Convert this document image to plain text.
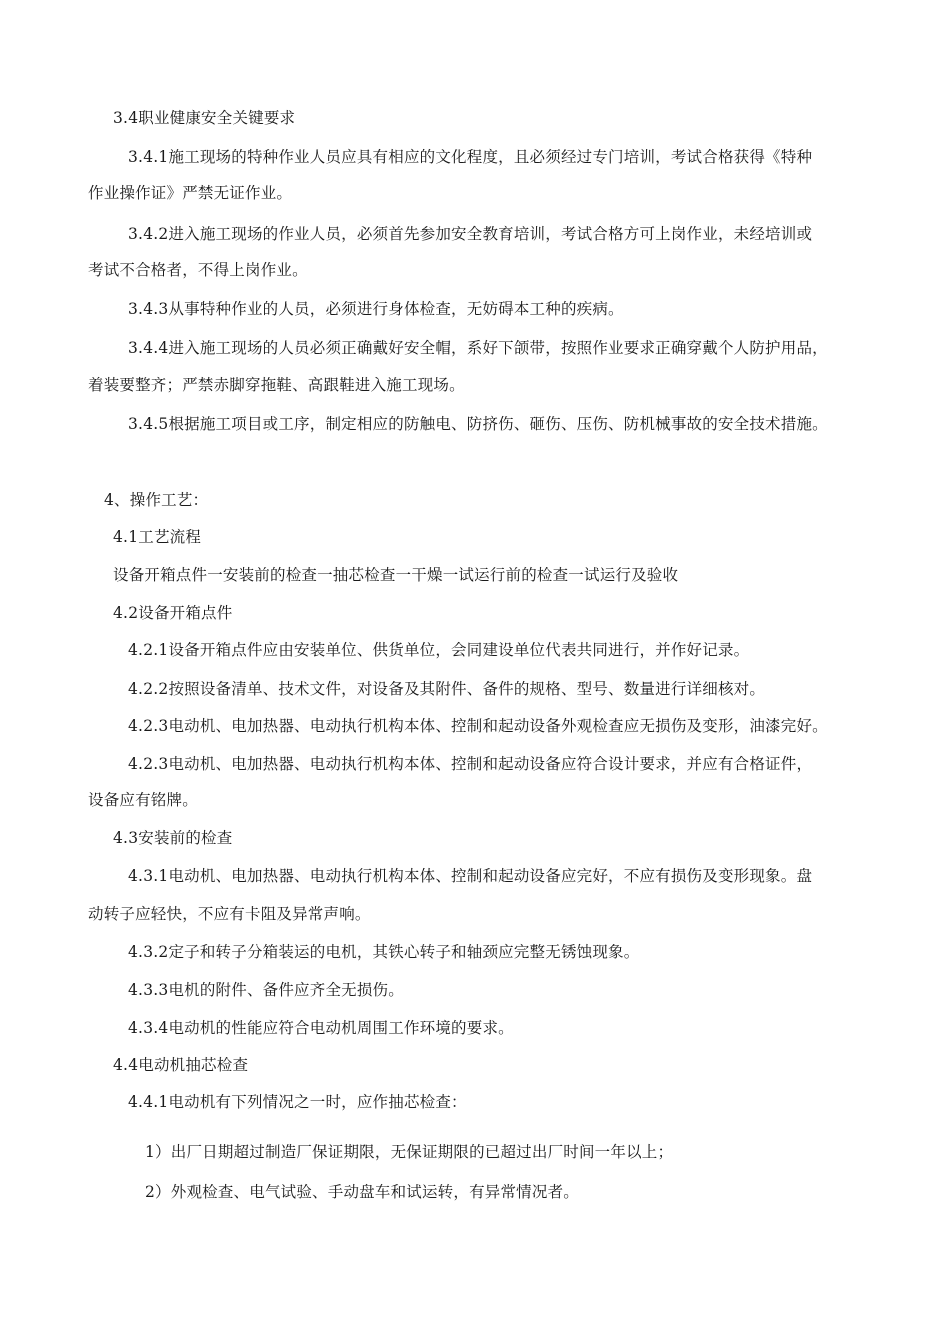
3.4职业健康安全关键要求
3.4.1施工现场的特种作业人员应具有相应的文化程度，且必须经过专门培训，考试合格获得《特种
作业操作证》严禁无证作业。
3.4.2进入施工现场的作业人员，必须首先参加安全教育培训，考试合格方可上岗作业，未经培训或
考试不合格者，不得上岗作业。
3.4.3从事特种作业的人员，必须进行身体检查，无妨碍本工种的疾病。
3.4.4进入施工现场的人员必须正确戴好安全帽，系好下颌带，按照作业要求正确穿戴个人防护用品，
着装要整齐；严禁赤脚穿拖鞋、高跟鞋进入施工现场。
3.4.5根据施工项目或工序，制定相应的防触电、防挤伤、砸伤、压伤、防机械事故的安全技术措施。
4、操作工艺：
4.1工艺流程
设备开箱点件一安装前的检查一抽芯检查一干燥一试运行前的检查一试运行及验收
4.2设备开箱点件
4.2.1设备开箱点件应由安装单位、供货单位，会同建设单位代表共同进行，并作好记录。
4.2.2按照设备清单、技术文件，对设备及其附件、备件的规格、型号、数量进行详细核对。
4.2.3电动机、电加热器、电动执行机构本体、控制和起动设备外观检查应无损伤及变形，油漆完好。
4.2.3电动机、电加热器、电动执行机构本体、控制和起动设备应符合设计要求，并应有合格证件，
设备应有铭牌。
4.3安装前的检查
4.3.1电动机、电加热器、电动执行机构本体、控制和起动设备应完好，不应有损伤及变形现象。盘
动转子应轻快，不应有卡阻及异常声响。
4.3.2定子和转子分箱装运的电机，其铁心转子和轴颈应完整无锈蚀现象。
4.3.3电机的附件、备件应齐全无损伤。
4.3.4电动机的性能应符合电动机周围工作环境的要求。
4.4电动机抽芯检查
4.4.1电动机有下列情况之一时，应作抽芯检查：
1）出厂日期超过制造厂保证期限，无保证期限的已超过出厂时间一年以上；
2）外观检查、电气试验、手动盘车和试运转，有异常情况者。
